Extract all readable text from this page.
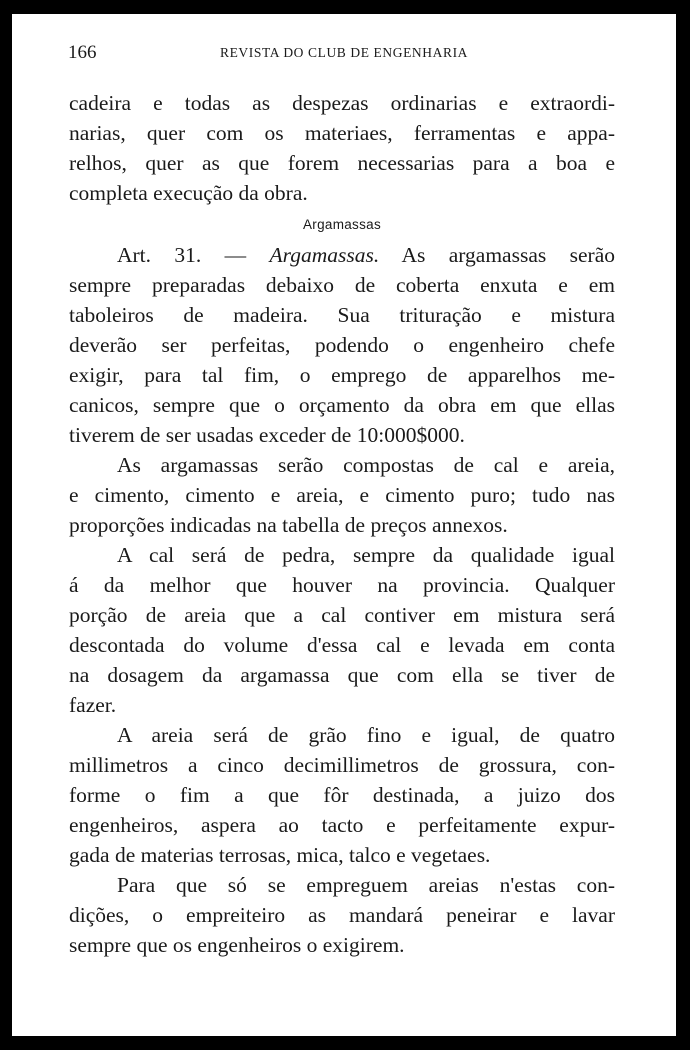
166	REVISTA DO CLUB DE ENGENHARIA
cadeira e todas as despezas ordinarias e extraordi-
narias, quer com os materiaes, ferramentas e appa-
relhos, quer as que forem necessarias para a boa e
completa execução da obra.
Argamassas
Art. 31. — Argamassas. As argamassas serão
sempre preparadas debaixo de coberta enxuta e em
taboleiros de madeira. Sua trituração e mistura
deverão ser perfeitas, podendo o engenheiro chefe
exigir, para tal fim, o emprego de apparelhos me-
canicos, sempre que o orçamento da obra em que ellas
tiverem de ser usadas exceder de 10:000$000.
As argamassas serão compostas de cal e areia,
e cimento, cimento e areia, e cimento puro; tudo nas
proporções indicadas na tabella de preços annexos.
A cal será de pedra, sempre da qualidade igual
á da melhor que houver na provincia. Qualquer
porção de areia que a cal contiver em mistura será
descontada do volume d'essa cal e levada em conta
na dosagem da argamassa que com ella se tiver de
fazer.
A areia será de grão fino e igual, de quatro
millimetros a cinco decimillimetros de grossura, con-
forme o fim a que fôr destinada, a juizo dos
engenheiros, aspera ao tacto e perfeitamente expur-
gada de materias terrosas, mica, talco e vegetaes.
Para que só se empreguem areias n'estas con-
dições, o empreiteiro as mandará peneirar e lavar
sempre que os engenheiros o exigirem.
